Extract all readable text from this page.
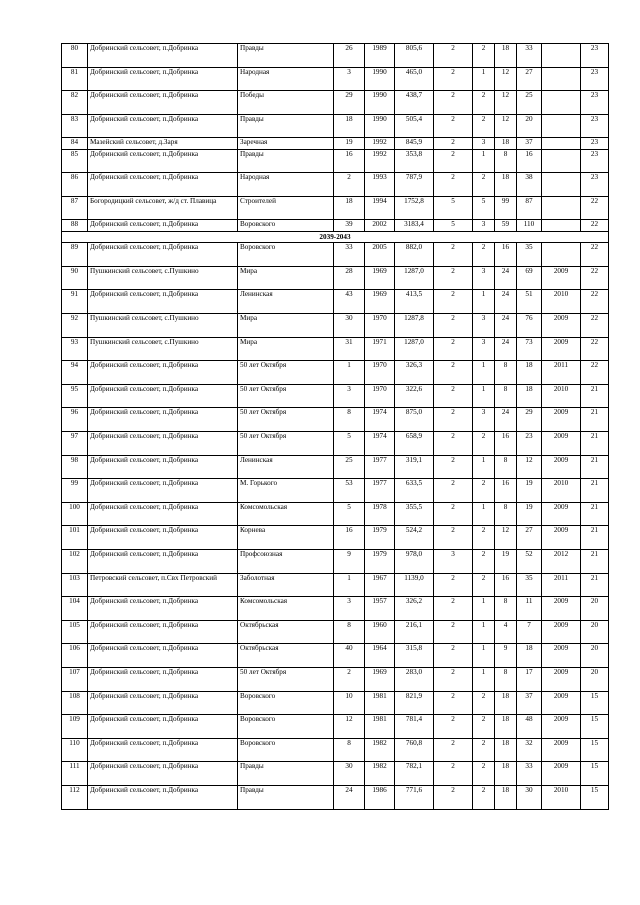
80	Добринский сельсовет, п.Добринка	Правды	26	1989	805,6	2	2	18	33		23
81	Добринский сельсовет, п.Добринка	Народная	3	1990	465,0	2	1	12	27		23
82	Добринский сельсовет, п.Добринка	Победы	29	1990	438,7	2	2	12	25		23
83	Добринский сельсовет, п.Добринка	Правды	18	1990	505,4	2	2	12	20		23
84	Мазейский сельсовет, д.Заря	Заречная	19	1992	845,9	2	3	18	37		23
85	Добринский сельсовет, п.Добринка	Правды	16	1992	353,8	2	1	8	16		23
86	Добринский сельсовет, п.Добринка	Народная	2	1993	787,9	2	2	18	38		23
87	Богородицкий сельсовет, ж/д ст. Плавица	Строителей	18	1994	1752,8	5	5	99	87		22
88	Добринский сельсовет, п.Добринка	Воровского	39	2002	3183,4	5	3	59	110		22
2039-2043											
89	Добринский сельсовет, п.Добринка	Воровского	33	2005	882,0	2	2	16	35		22
90	Пушкинский сельсовет, с.Пушкино	Мира	28	1969	1287,0	2	3	24	69	2009	22
91	Добринский сельсовет, п.Добринка	Ленинская	43	1969	413,5	2	1	24	51	2010	22
92	Пушкинский сельсовет, с.Пушкино	Мира	30	1970	1287,8	2	3	24	76	2009	22
93	Пушкинский сельсовет, с.Пушкино	Мира	31	1971	1287,0	2	3	24	73	2009	22
94	Добринский сельсовет, п.Добринка	50 лет Октября	1	1970	326,3	2	1	8	18	2011	22
95	Добринский сельсовет, п.Добринка	50 лет Октября	3	1970	322,6	2	1	8	18	2010	21
96	Добринский сельсовет, п.Добринка	50 лет Октября	8	1974	875,0	2	3	24	29	2009	21
97	Добринский сельсовет, п.Добринка	50 лет Октября	5	1974	658,9	2	2	16	23	2009	21
98	Добринский сельсовет, п.Добринка	Ленинская	25	1977	319,1	2	1	8	12	2009	21
99	Добринский сельсовет, п.Добринка	М. Горького	53	1977	633,5	2	2	16	19	2010	21
100	Добринский сельсовет, п.Добринка	Комсомольская	5	1978	355,5	2	1	8	19	2009	21
101	Добринский сельсовет, п.Добринка	Корнева	16	1979	524,2	2	2	12	27	2009	21
102	Добринский сельсовет, п.Добринка	Профсоюзная	9	1979	978,0	3	2	19	52	2012	21
103	Петровский сельсовет, п.Свх Петровский	Заболотная	1	1967	1139,0	2	2	16	35	2011	21
104	Добринский сельсовет, п.Добринка	Комсомольская	3	1957	326,2	2	1	8	11	2009	20
105	Добринский сельсовет, п.Добринка	Октябрьская	8	1960	216,1	2	1	4	7	2009	20
106	Добринский сельсовет, п.Добринка	Октябрьская	40	1964	315,8	2	1	9	18	2009	20
107	Добринский сельсовет, п.Добринка	50 лет Октября	2	1969	283,0	2	1	8	17	2009	20
108	Добринский сельсовет, п.Добринка	Воровского	10	1981	821,9	2	2	18	37	2009	15
109	Добринский сельсовет, п.Добринка	Воровского	12	1981	781,4	2	2	18	48	2009	15
110	Добринский сельсовет, п.Добринка	Воровского	8	1982	760,8	2	2	18	32	2009	15
111	Добринский сельсовет, п.Добринка	Правды	30	1982	782,1	2	2	18	33	2009	15
112	Добринский сельсовет, п.Добринка	Правды	24	1986	771,6	2	2	18	30	2010	15
